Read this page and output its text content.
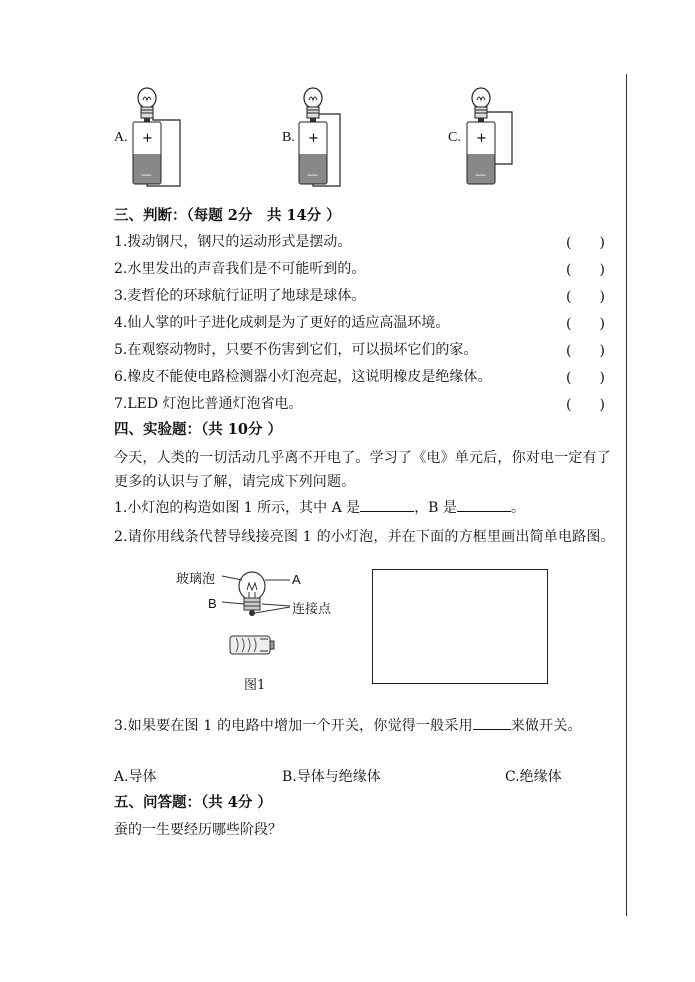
A.	B.	C.
+
—
+
—
+
—
三、判断：（每题 2分　共 14分 ）
1.拨动钢尺，钢尺的运动形式是摆动。	(　　)
2.水里发出的声音我们是不可能听到的。	(　　)
3.麦哲伦的环球航行证明了地球是球体。	(　　)
4.仙人掌的叶子进化成刺是为了更好的适应高温环境。	(　　)
5.在观察动物时，只要不伤害到它们，可以损坏它们的家。	(　　)
6.橡皮不能使电路检测器小灯泡亮起，这说明橡皮是绝缘体。	(　　)
7.LED 灯泡比普通灯泡省电。	(　　)
四、实验题：（共 10分 ）
今天，人类的一切活动几乎离不开电了。学习了《电》单元后，你对电一定有了更多的认识与了解，请完成下列问题。
1.小灯泡的构造如图 1 所示，其中 A 是	，B 是	。
2.请你用线条代替导线接亮图 1 的小灯泡，并在下面的方框里画出简单电路图。
玻璃泡	A
B	连接点
图1
3.如果要在图 1 的电路中增加一个开关，你觉得一般采用	来做开关。
A.导体	B.导体与绝缘体	C.绝缘体
五、问答题：（共 4分 ）
蚕的一生要经历哪些阶段？
